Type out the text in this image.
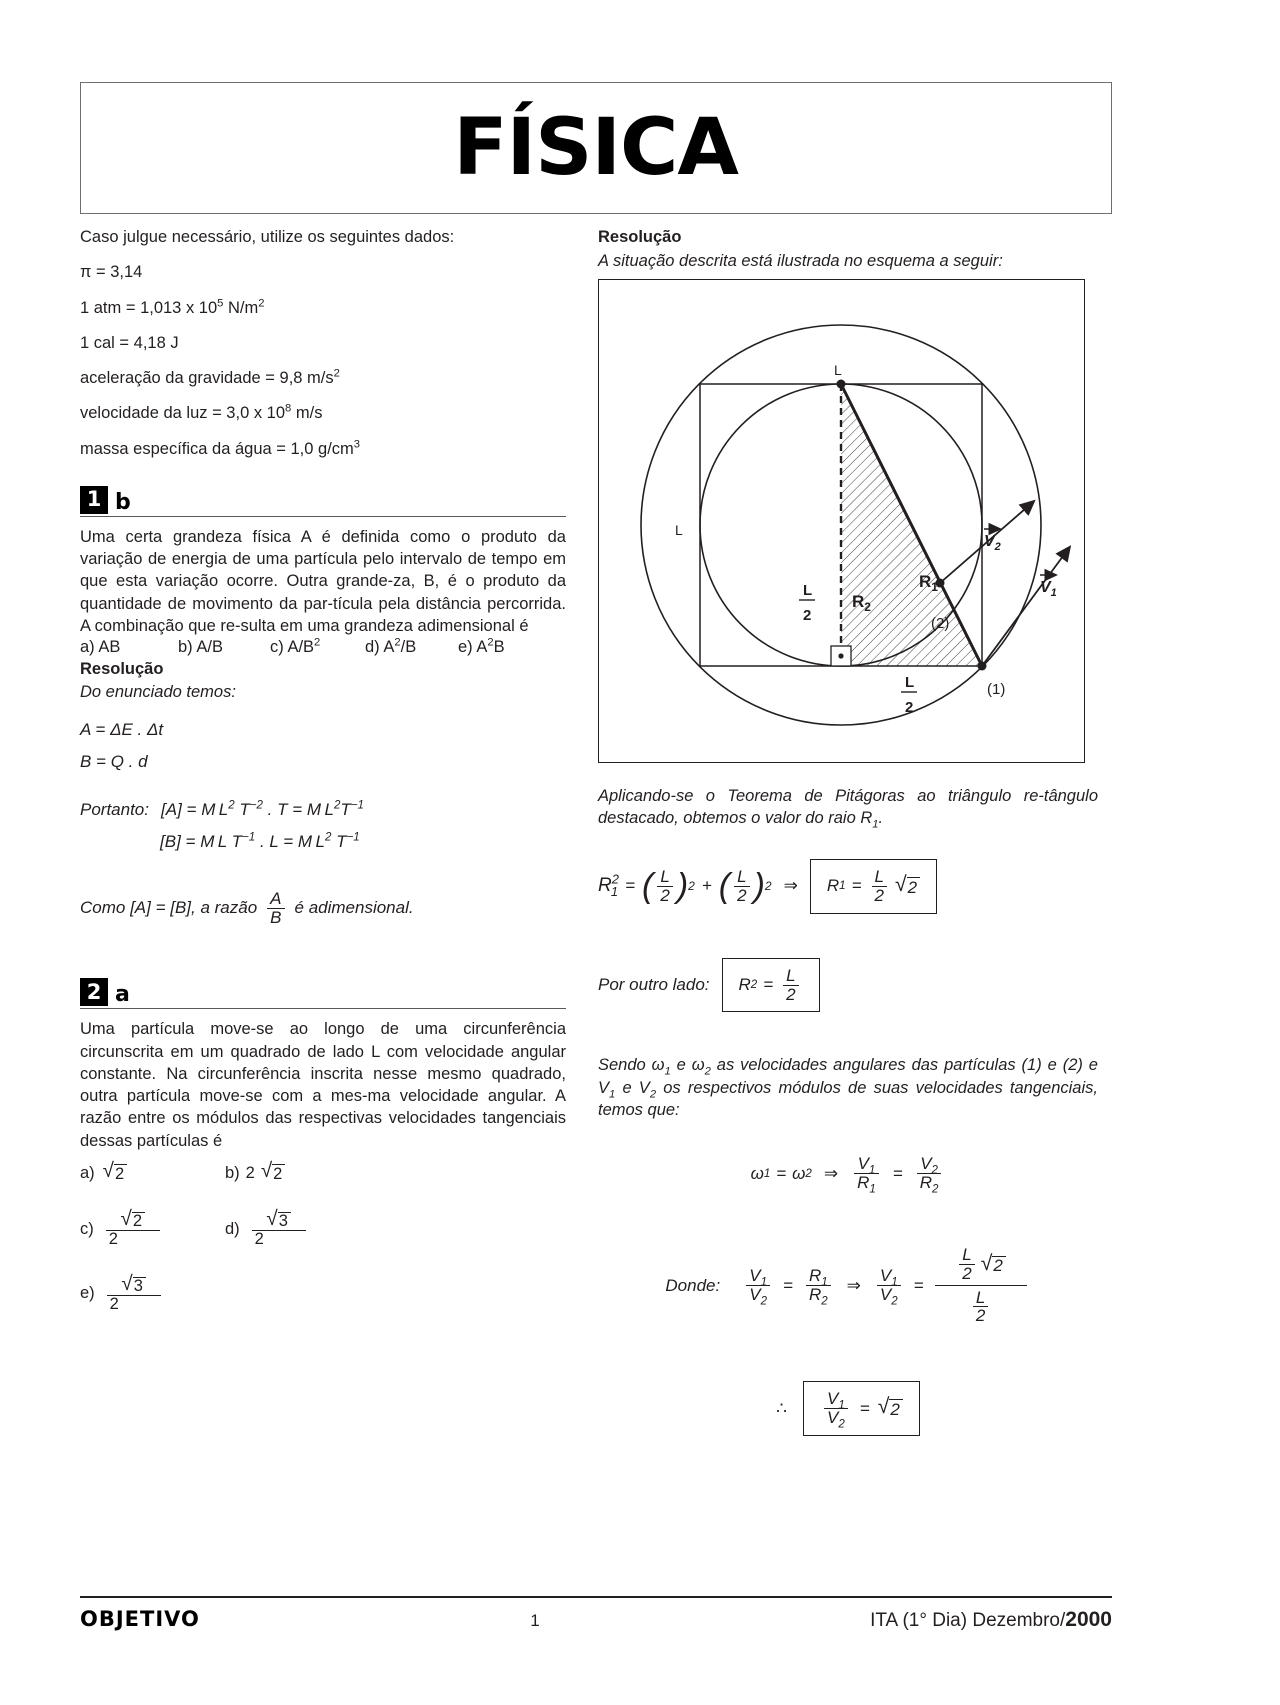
FÍSICA
Caso julgue necessário, utilize os seguintes dados:
π = 3,14
1 atm = 1,013 x $10^5$ $N/m^2$
1 cal = 4,18 J
aceleração da gravidade = 9,8 $m/s^2$
velocidade da luz = 3,0 x $10^8$ m/s
massa específica da água = 1,0 $g/cm^3$
1 b
Uma certa grandeza física A é definida como o produto da variação de energia de uma partícula pelo intervalo de tempo em que esta variação ocorre. Outra grande-za, B, é o produto da quantidade de movimento da par-tícula pela distância percorrida. A combinação que re-sulta em uma grandeza adimensional é
a) AB	b) A/B	c) $A/B^2$	d) $A^2/B$	e) $A^2B$
Resolução
Do enunciado temos:
A = ΔE . Δt
B = Q . d
Portanto: [A] = M  $L^2$ $T^{-2}$ . T = M  $L^2T^{-1}$
[B] = M  L $T^{-1}$ . L = M  $L^2$ $T^{-1}$
Como [A] = [B], a razão $\frac{A}{B}$ é adimensional.
2 a
Uma partícula move-se ao longo de uma circunferência circunscrita em um quadrado de lado L com velocidade angular constante. Na circunferência inscrita nesse mesmo quadrado, outra partícula move-se com a mes-ma velocidade angular. A razão entre os módulos das respectivas velocidades tangenciais dessas partículas é
a) √ 2	b) 2 √ 2
$c) \frac{√ 2}{2}$	$d) \frac{√ 3}{2}$
$e) \frac{√ 3}{2}$
Resolução
A situação descrita está ilustrada no esquema a seguir:
L
L
L
2
L
2
$R_1$
$R_2$
$V_2$
$V_1$
(2)
(1)
Aplicando-se o Teorema de Pitágoras ao triângulo re-tângulo destacado, obtemos o valor do raio $R_1$.
$R^2_1$ = ( $\frac{L}{2}$ ) 2 + ( $\frac{L}{2}$ ) 2 ⇒ R $1 = \frac{L}{2}$ √ 2
Por outro lado: R $2 = \frac{L}{2}$
Sendo $\omega_1$ e $\omega_2$ as velocidades angulares das partículas (1) e (2) e $V_1$ e $V_2$ os respectivos módulos de suas velocidades tangenciais, temos que:
ω 1 = ω 2 ⇒ $\frac{V_1}{R_1} = \frac{V_2}{R_2}$
Donde: $\frac{V_1}{V_2} = \frac{R_1}{R_2}$ ⇒ $\frac{V_1}{V_2} = \frac{\frac{L}{2} √ 2}{\frac{L}{2}}$
∴ $\frac{V_1}{V_2}$ = √ 2
OBJETIVO	1	ITA (1° Dia) Dezembro/2000
